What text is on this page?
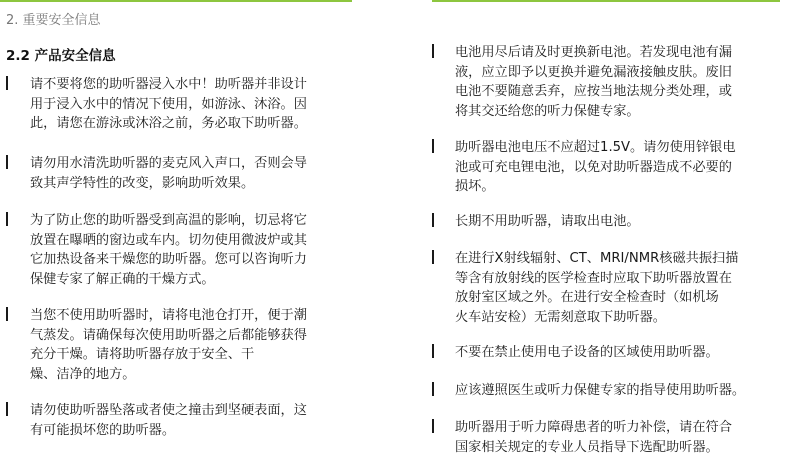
2. 重要安全信息
2.2 产品安全信息
请不要将您的助听器浸入水中！助听器并非设计
用于浸入水中的情况下使用，如游泳、沐浴。因
此，请您在游泳或沐浴之前，务必取下助听器。
请勿用水清洗助听器的麦克风入声口，否则会导
致其声学特性的改变，影响助听效果。
为了防止您的助听器受到高温的影响，切忌将它
放置在曝晒的窗边或车内。切勿使用微波炉或其
它加热设备来干燥您的助听器。您可以咨询听力
保健专家了解正确的干燥方式。
当您不使用助听器时，请将电池仓打开，便于潮
气蒸发。请确保每次使用助听器之后都能够获得
充分干燥。请将助听器存放于安全、干
燥、洁净的地方。
请勿使助听器坠落或者使之撞击到坚硬表面，这
有可能损坏您的助听器。
电池用尽后请及时更换新电池。若发现电池有漏
液，应立即予以更换并避免漏液接触皮肤。废旧
电池不要随意丢弃，应按当地法规分类处理，或
将其交还给您的听力保健专家。
助听器电池电压不应超过1.5V。请勿使用锌银电
池或可充电锂电池，以免对助听器造成不必要的
损坏。
长期不用助听器，请取出电池。
在进行X射线辐射、CT、MRI/NMR核磁共振扫描
等含有放射线的医学检查时应取下助听器放置在
放射室区域之外。在进行安全检查时（如机场
火车站安检）无需刻意取下助听器。
不要在禁止使用电子设备的区域使用助听器。
应该遵照医生或听力保健专家的指导使用助听器。
助听器用于听力障碍患者的听力补偿，请在符合
国家相关规定的专业人员指导下选配助听器。
